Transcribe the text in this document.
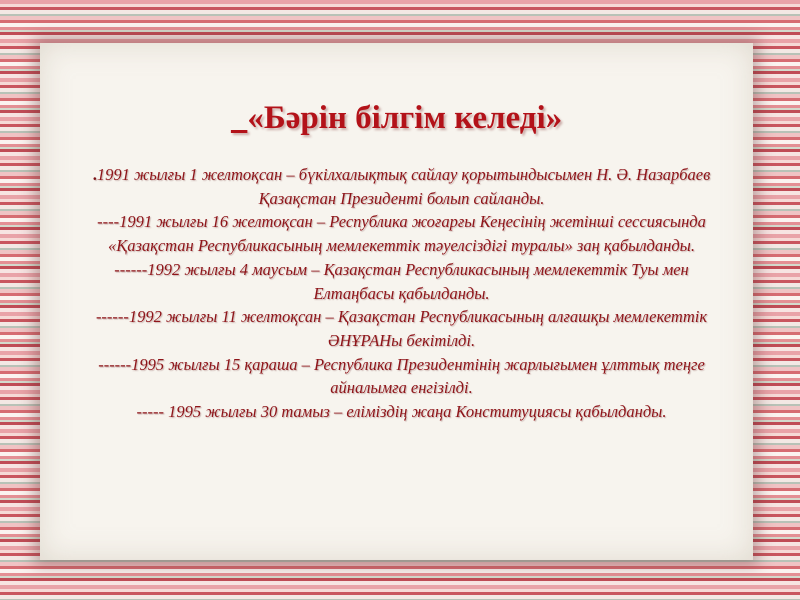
«Бәрін білгім келеді»

.1991 жылғы 1 желтоқсан – бүкілхалықтық сайлау қорытындысымен Н. Ә. Назарбаев Қазақстан Президенті болып сайланды.

----1991 жылғы 16 желтоқсан – Республика жоғарғы Кеңесінің жетінші сессиясында «Қазақстан Республикасының мемлекеттік тәуелсіздігі туралы» заң қабылданды.

------1992 жылғы 4 маусым – Қазақстан Республикасының мемлекеттік Туы мен Елтаңбасы қабылданды.

------1992 жылғы 11 желтоқсан – Қазақстан Республикасының алғашқы мемлекеттік ӘНҰРАНы бекітілді.

------1995 жылғы 15 қараша – Республика Президентінің жарлығымен ұлттық теңге айналымға енгізілді.

----- 1995 жылғы 30 тамыз – еліміздің жаңа Конституциясы қабылданды.
